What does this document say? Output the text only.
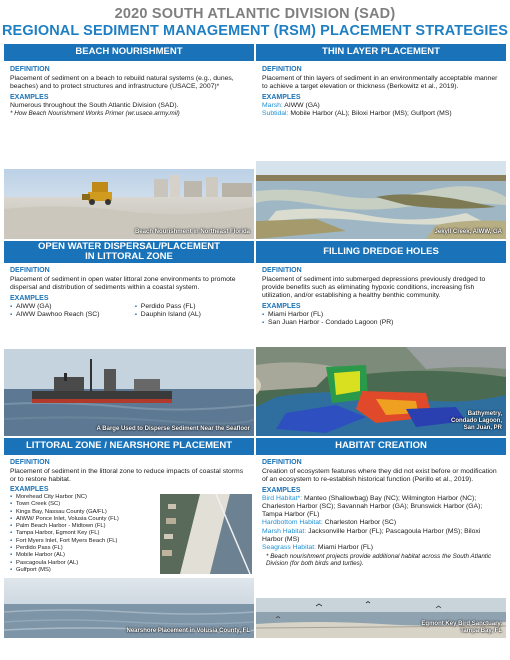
2020 SOUTH ATLANTIC DIVISION (SAD)
REGIONAL SEDIMENT MANAGEMENT (RSM) PLACEMENT STRATEGIES
BEACH NOURISHMENT
DEFINITION
Placement of sediment on a beach to rebuild natural systems (e.g., dunes, beaches) and to protect structures and infrastructure (USACE, 2007)*
EXAMPLES
Numerous throughout the South Atlantic Division (SAD).
* How Beach Nourishment Works Primer (wr.usace.army.mil)
Beach Nourishment in Northeast Florida
THIN LAYER PLACEMENT
DEFINITION
Placement of thin layers of sediment in an environmentally acceptable manner to achieve a target elevation or thickness (Berkowitz et al., 2019).
EXAMPLES
Marsh: AIWW (GA)
Subtidal: Mobile Harbor (AL); Biloxi Harbor (MS); Gulfport (MS)
Jekyll Creek, AIWW, GA
OPEN WATER DISPERSAL/PLACEMENT
IN LITTORAL ZONE
DEFINITION
Placement of sediment in open water littoral zone environments to promote dispersal and distribution of sediments within a coastal system.
EXAMPLES
▪ AIWW (GA)
▪ AIWW Dawhoo Reach (SC)
▪ Perdido Pass (FL)
▪ Dauphin Island (AL)
A Barge Used to Disperse Sediment Near the Seafloor
FILLING DREDGE HOLES
DEFINITION
Placement of sediment into submerged depressions previously dredged to provide benefits such as eliminating hypoxic conditions, increasing fish utilization, and/or establishing a healthy benthic community.
EXAMPLES
▪ Miami Harbor (FL)
▪ San Juan Harbor - Condado Lagoon (PR)
Bathymetry,
Condado Lagoon,
San Juan, PR
LITTORAL ZONE / NEARSHORE PLACEMENT
DEFINITION
Placement of sediment in the littoral zone to reduce impacts of coastal storms or to restore habitat.
EXAMPLES
▪ Morehead City Harbor (NC)
▪ Town Creek (SC)
▪ Kings Bay, Nassau County (GA/FL)
▪ AIWW/ Ponce Inlet, Volusia County (FL)
▪ Palm Beach Harbor - Midtown (FL)
▪ Tampa Harbor, Egmont Key (FL)
▪ Fort Myers Inlet, Fort Myers Beach (FL)
▪ Perdido Pass (FL)
▪ Mobile Harbor (AL)
▪ Pascagoula Harbor (AL)
▪ Gulfport (MS)
Nearshore Placement in Volusia County, FL
HABITAT CREATION
DEFINITION
Creation of ecosystem features where they did not exist before or modification of an ecosystem to re-establish historical function (Perillo et al., 2019).
EXAMPLES
Bird Habitat*: Manteo (Shallowbag) Bay (NC); Wilmington Harbor (NC); Charleston Harbor (SC); Savannah Harbor (GA); Brunswick Harbor (GA); Tampa Harbor (FL)
Hardbottom Habitat: Charleston Harbor (SC)
Marsh Habitat: Jacksonville Harbor (FL); Pascagoula Harbor (MS); Biloxi Harbor (MS)
Seagrass Habitat: Miami Harbor (FL)
* Beach nourishment projects provide additional habitat across the South Atlantic Division (for both birds and turtles).
Egmont Key Bird Sanctuary,
Tampa Bay, FL
